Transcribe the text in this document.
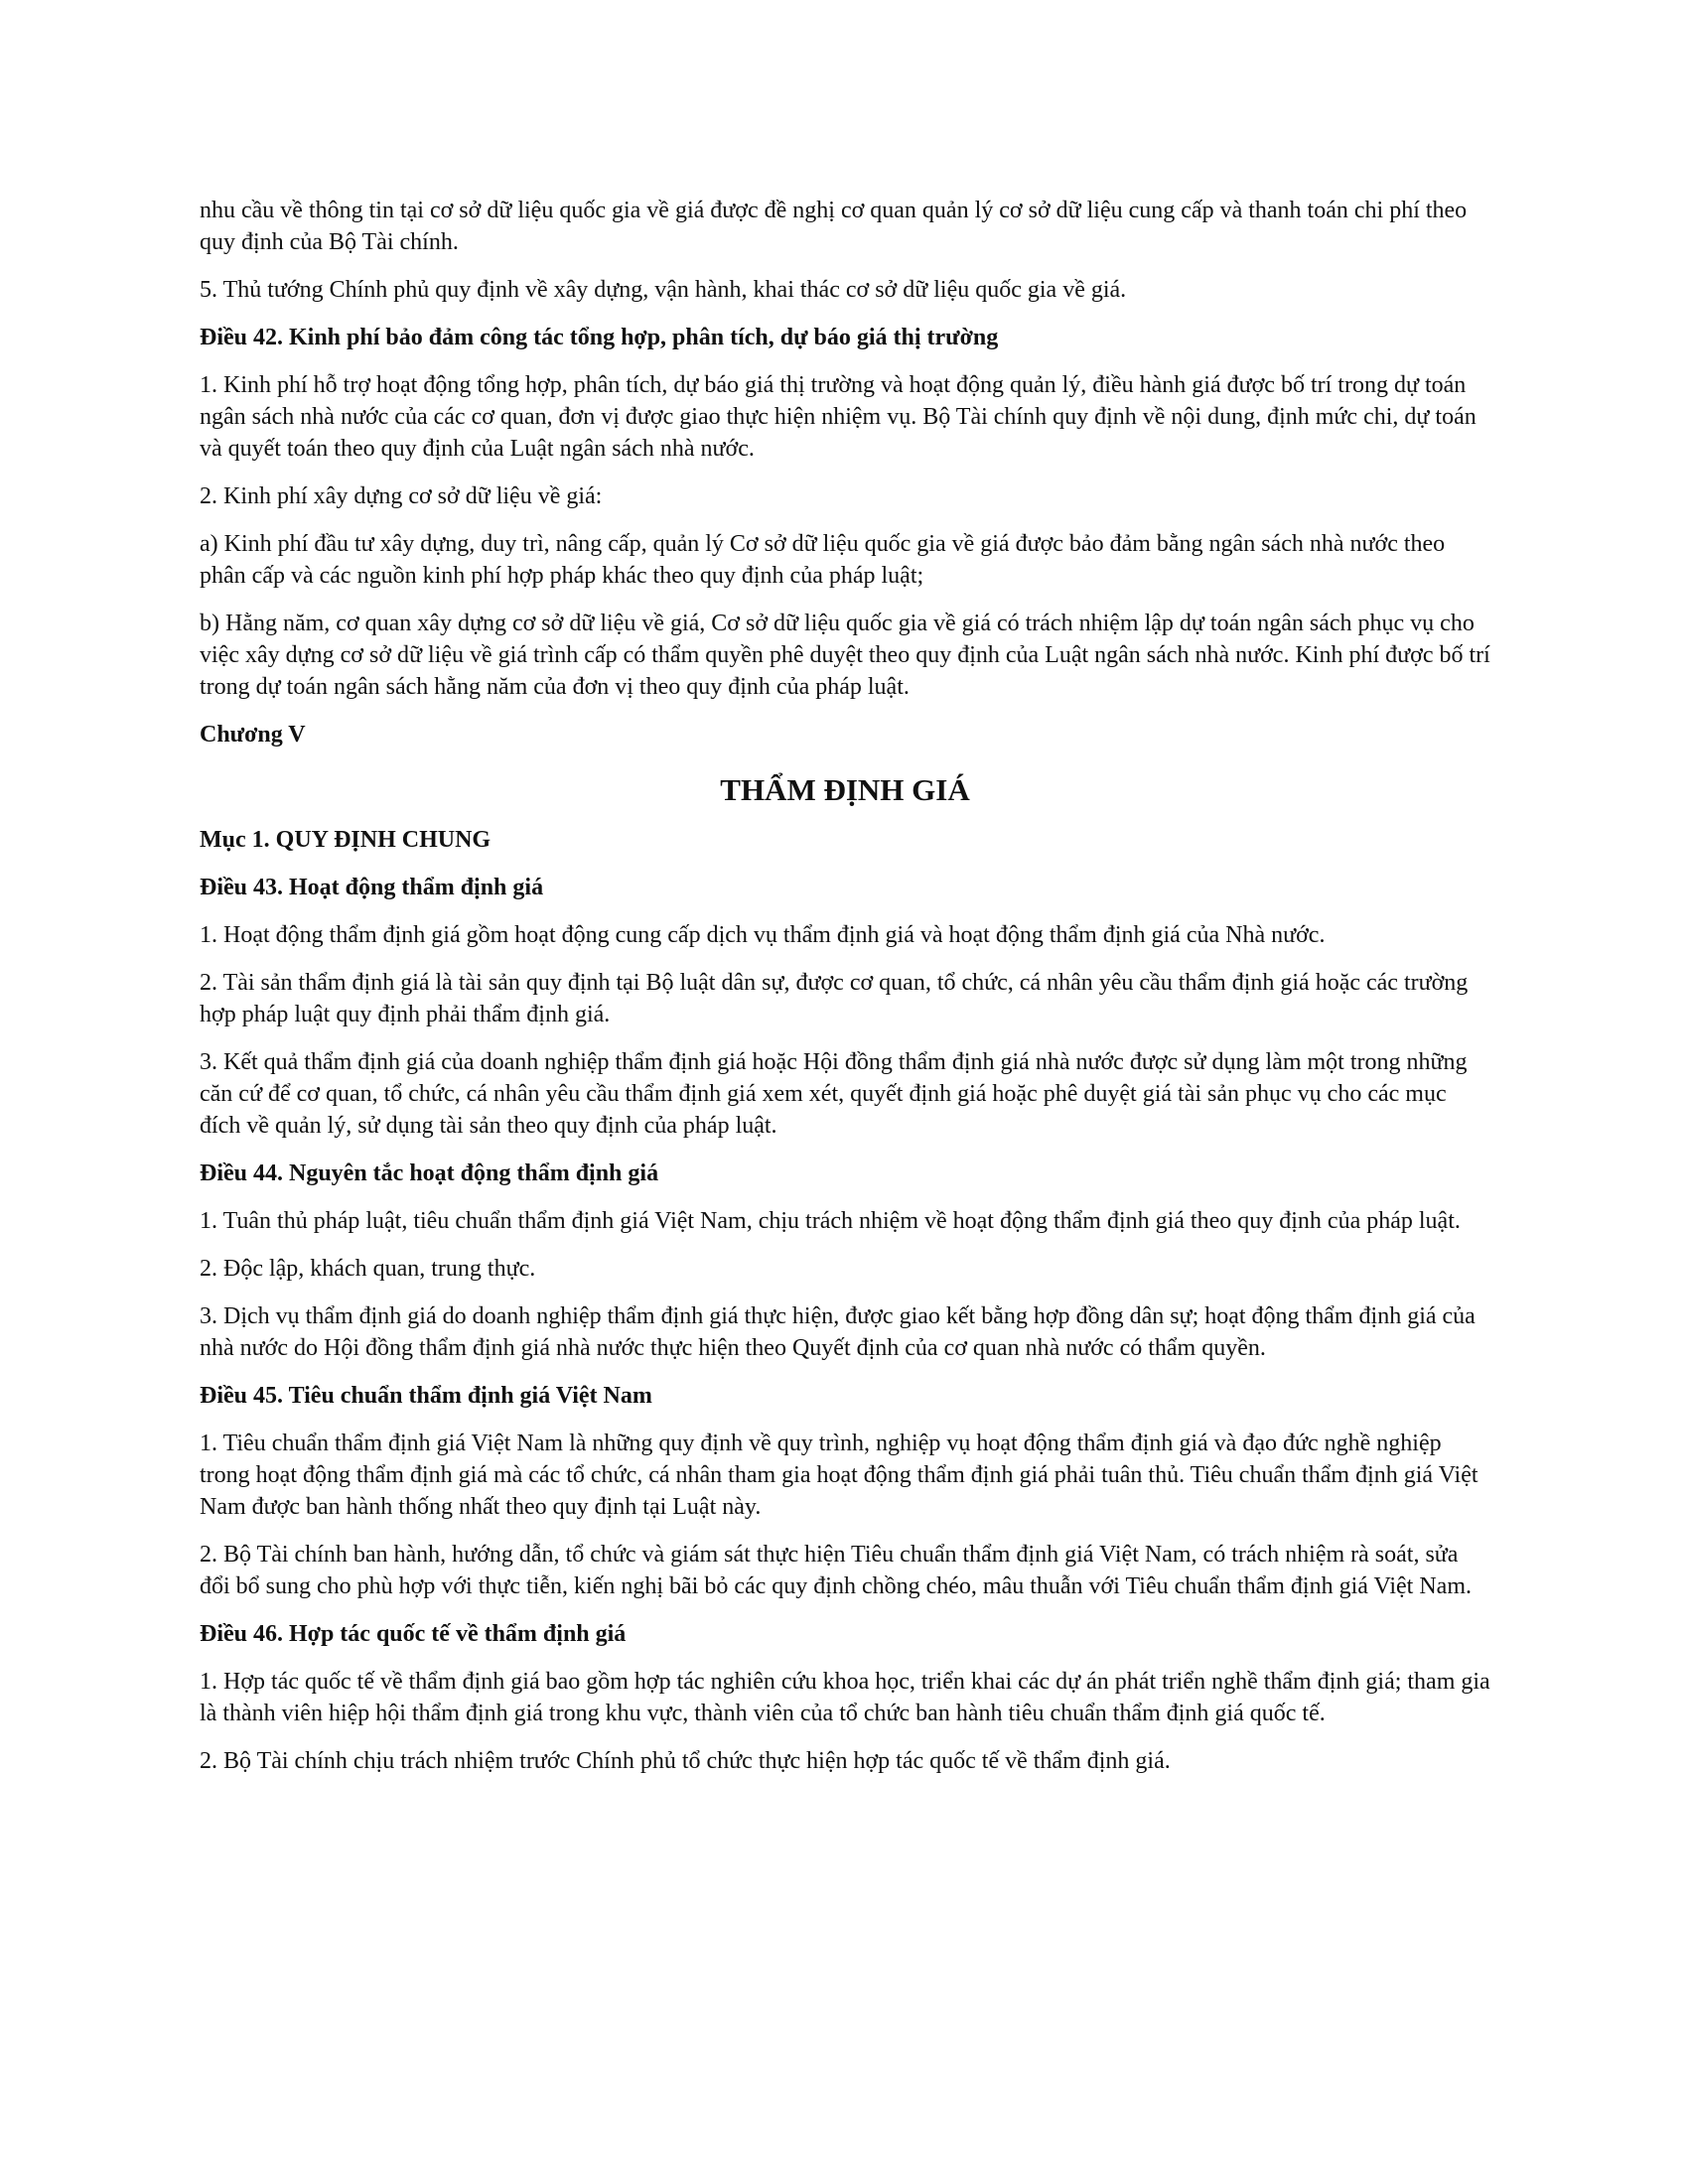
nhu cầu về thông tin tại cơ sở dữ liệu quốc gia về giá được đề nghị cơ quan quản lý cơ sở dữ liệu cung cấp và thanh toán chi phí theo quy định của Bộ Tài chính.

5. Thủ tướng Chính phủ quy định về xây dựng, vận hành, khai thác cơ sở dữ liệu quốc gia về giá.

Điều 42. Kinh phí bảo đảm công tác tổng hợp, phân tích, dự báo giá thị trường

1. Kinh phí hỗ trợ hoạt động tổng hợp, phân tích, dự báo giá thị trường và hoạt động quản lý, điều hành giá được bố trí trong dự toán ngân sách nhà nước của các cơ quan, đơn vị được giao thực hiện nhiệm vụ. Bộ Tài chính quy định về nội dung, định mức chi, dự toán và quyết toán theo quy định của Luật ngân sách nhà nước.

2. Kinh phí xây dựng cơ sở dữ liệu về giá:

a) Kinh phí đầu tư xây dựng, duy trì, nâng cấp, quản lý Cơ sở dữ liệu quốc gia về giá được bảo đảm bằng ngân sách nhà nước theo phân cấp và các nguồn kinh phí hợp pháp khác theo quy định của pháp luật;

b) Hằng năm, cơ quan xây dựng cơ sở dữ liệu về giá, Cơ sở dữ liệu quốc gia về giá có trách nhiệm lập dự toán ngân sách phục vụ cho việc xây dựng cơ sở dữ liệu về giá trình cấp có thẩm quyền phê duyệt theo quy định của Luật ngân sách nhà nước. Kinh phí được bố trí trong dự toán ngân sách hằng năm của đơn vị theo quy định của pháp luật.

Chương V

THẨM ĐỊNH GIÁ

Mục 1. QUY ĐỊNH CHUNG

Điều 43. Hoạt động thẩm định giá

1. Hoạt động thẩm định giá gồm hoạt động cung cấp dịch vụ thẩm định giá và hoạt động thẩm định giá của Nhà nước.

2. Tài sản thẩm định giá là tài sản quy định tại Bộ luật dân sự, được cơ quan, tổ chức, cá nhân yêu cầu thẩm định giá hoặc các trường hợp pháp luật quy định phải thẩm định giá.

3. Kết quả thẩm định giá của doanh nghiệp thẩm định giá hoặc Hội đồng thẩm định giá nhà nước được sử dụng làm một trong những căn cứ để cơ quan, tổ chức, cá nhân yêu cầu thẩm định giá xem xét, quyết định giá hoặc phê duyệt giá tài sản phục vụ cho các mục đích về quản lý, sử dụng tài sản theo quy định của pháp luật.

Điều 44. Nguyên tắc hoạt động thẩm định giá

1. Tuân thủ pháp luật, tiêu chuẩn thẩm định giá Việt Nam, chịu trách nhiệm về hoạt động thẩm định giá theo quy định của pháp luật.

2. Độc lập, khách quan, trung thực.

3. Dịch vụ thẩm định giá do doanh nghiệp thẩm định giá thực hiện, được giao kết bằng hợp đồng dân sự; hoạt động thẩm định giá của nhà nước do Hội đồng thẩm định giá nhà nước thực hiện theo Quyết định của cơ quan nhà nước có thẩm quyền.

Điều 45. Tiêu chuẩn thẩm định giá Việt Nam

1. Tiêu chuẩn thẩm định giá Việt Nam là những quy định về quy trình, nghiệp vụ hoạt động thẩm định giá và đạo đức nghề nghiệp trong hoạt động thẩm định giá mà các tổ chức, cá nhân tham gia hoạt động thẩm định giá phải tuân thủ. Tiêu chuẩn thẩm định giá Việt Nam được ban hành thống nhất theo quy định tại Luật này.

2. Bộ Tài chính ban hành, hướng dẫn, tổ chức và giám sát thực hiện Tiêu chuẩn thẩm định giá Việt Nam, có trách nhiệm rà soát, sửa đổi bổ sung cho phù hợp với thực tiễn, kiến nghị bãi bỏ các quy định chồng chéo, mâu thuẫn với Tiêu chuẩn thẩm định giá Việt Nam.

Điều 46. Hợp tác quốc tế về thẩm định giá

1. Hợp tác quốc tế về thẩm định giá bao gồm hợp tác nghiên cứu khoa học, triển khai các dự án phát triển nghề thẩm định giá; tham gia là thành viên hiệp hội thẩm định giá trong khu vực, thành viên của tổ chức ban hành tiêu chuẩn thẩm định giá quốc tế.

2. Bộ Tài chính chịu trách nhiệm trước Chính phủ tổ chức thực hiện hợp tác quốc tế về thẩm định giá.
